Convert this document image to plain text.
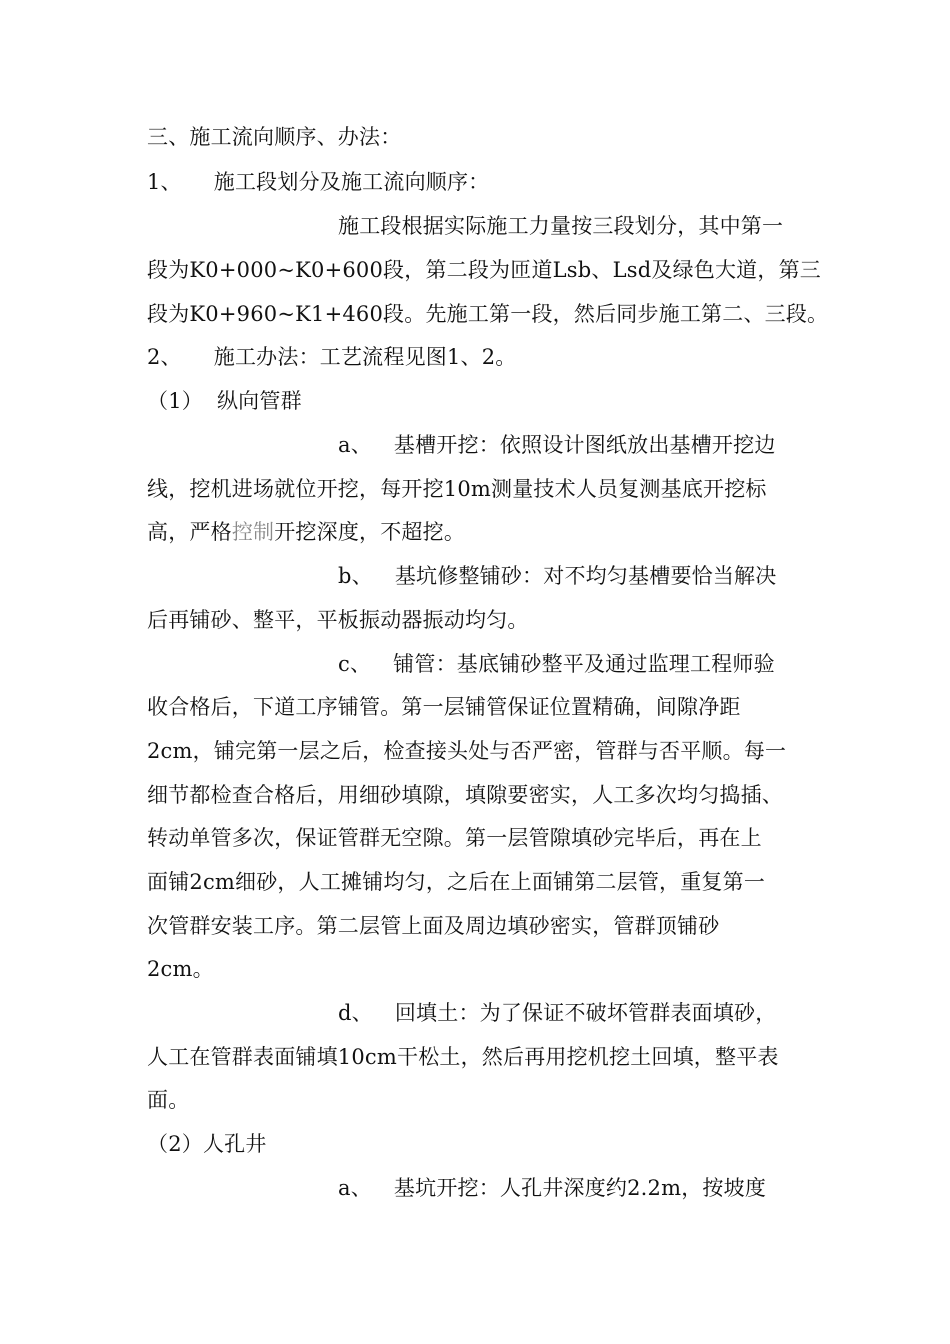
三、施工流向顺序、办法：
1、 施工段划分及施工流向顺序：
施工段根据实际施工力量按三段划分，其中第一
段为K0+000~K0+600段，第二段为匝道Lsb、Lsd及绿色大道，第三
段为K0+960~K1+460段。先施工第一段，然后同步施工第二、三段。
2、 施工办法：工艺流程见图1、2。
（1） 纵向管群
a、 基槽开挖：依照设计图纸放出基槽开挖边
线，挖机进场就位开挖，每开挖10m测量技术人员复测基底开挖标
高，严格控制开挖深度，不超挖。
b、 基坑修整铺砂：对不均匀基槽要恰当解决
后再铺砂、整平，平板振动器振动均匀。
c、 铺管：基底铺砂整平及通过监理工程师验
收合格后，下道工序铺管。第一层铺管保证位置精确，间隙净距
2cm，铺完第一层之后，检查接头处与否严密，管群与否平顺。每一
细节都检查合格后，用细砂填隙，填隙要密实，人工多次均匀捣插、
转动单管多次，保证管群无空隙。第一层管隙填砂完毕后，再在上
面铺2cm细砂，人工摊铺均匀，之后在上面铺第二层管，重复第一
次管群安装工序。第二层管上面及周边填砂密实，管群顶铺砂
2cm。
d、 回填土：为了保证不破坏管群表面填砂，
人工在管群表面铺填10cm干松土，然后再用挖机挖土回填，整平表
面。
（2）人孔井
a、 基坑开挖：人孔井深度约2.2m，按坡度
